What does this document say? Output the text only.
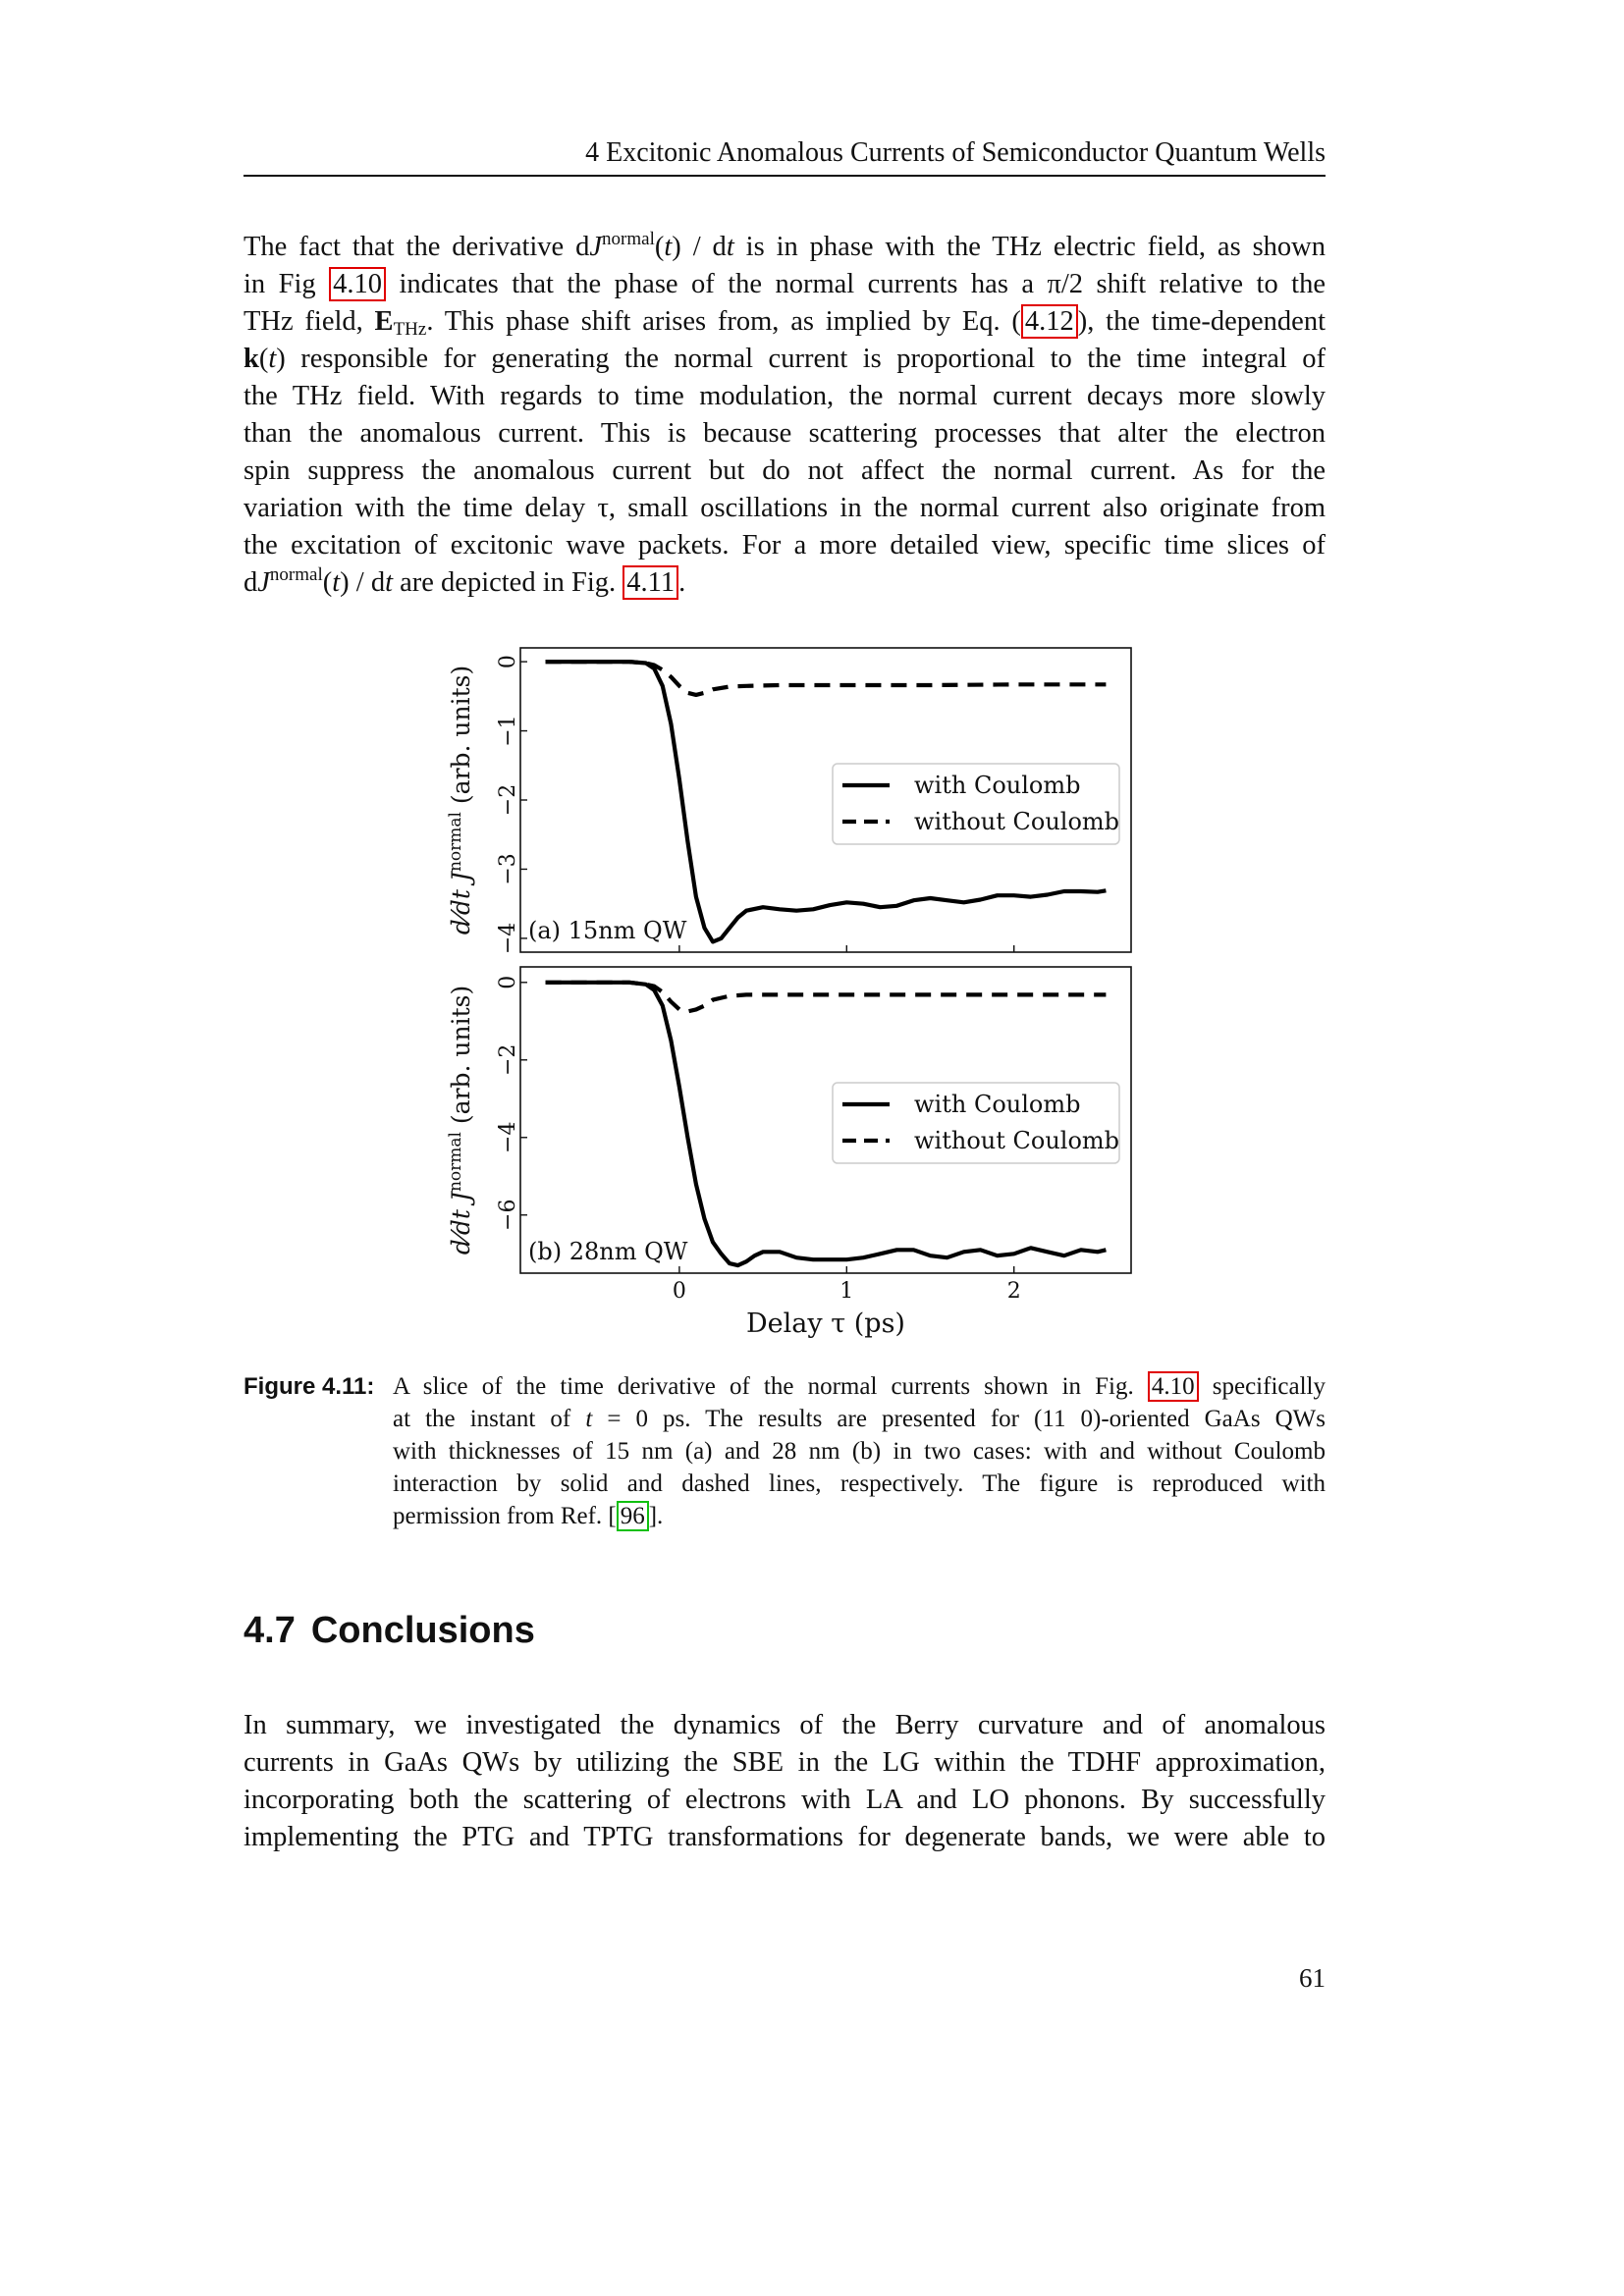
4 Excitonic Anomalous Currents of Semiconductor Quantum Wells
The fact that the derivative $dJ^{normal}(t)$ / dt is in phase with the THz electric field, as shown
in Fig 4.10 indicates that the phase of the normal currents has a π/2 shift relative to the
THz field, $E_{THz}$. This phase shift arises from, as implied by Eq. ( 4.12 ), the time-dependent
k(t) responsible for generating the normal current is proportional to the time integral of
the THz field. With regards to time modulation, the normal current decays more slowly
than the anomalous current. This is because scattering processes that alter the electron
spin suppress the anomalous current but do not affect the normal current. As for the
variation with the time delay τ, small oscillations in the normal current also originate from
the excitation of excitonic wave packets. For a more detailed view, specific time slices of
$dJ^{normal}(t)$ / dt are depicted in Fig. 4.11 .
0
−1
−2
−3
−4
with Coulomb
without Coulomb
(a) 15nm QW
d⁄dt $J^{normal}$ (arb. units)
0
−2
−4
−6
0	1	2
with Coulomb
without Coulomb
(b) 28nm QW
d⁄dt $J^{normal}$ (arb. units)
Delay τ (ps)
Figure 4.11: A slice of the time derivative of the normal currents shown in Fig. 4.10 specifically
at the instant of t = 0 ps. The results are presented for (11 0)-oriented GaAs QWs
with thicknesses of 15 nm (a) and 28 nm (b) in two cases: with and without Coulomb
interaction by solid and dashed lines, respectively. The figure is reproduced with
permission from Ref. [ 96 ].
4.7 Conclusions
In summary, we investigated the dynamics of the Berry curvature and of anomalous
currents in GaAs QWs by utilizing the SBE in the LG within the TDHF approximation,
incorporating both the scattering of electrons with LA and LO phonons. By successfully
implementing the PTG and TPTG transformations for degenerate bands, we were able to
61
